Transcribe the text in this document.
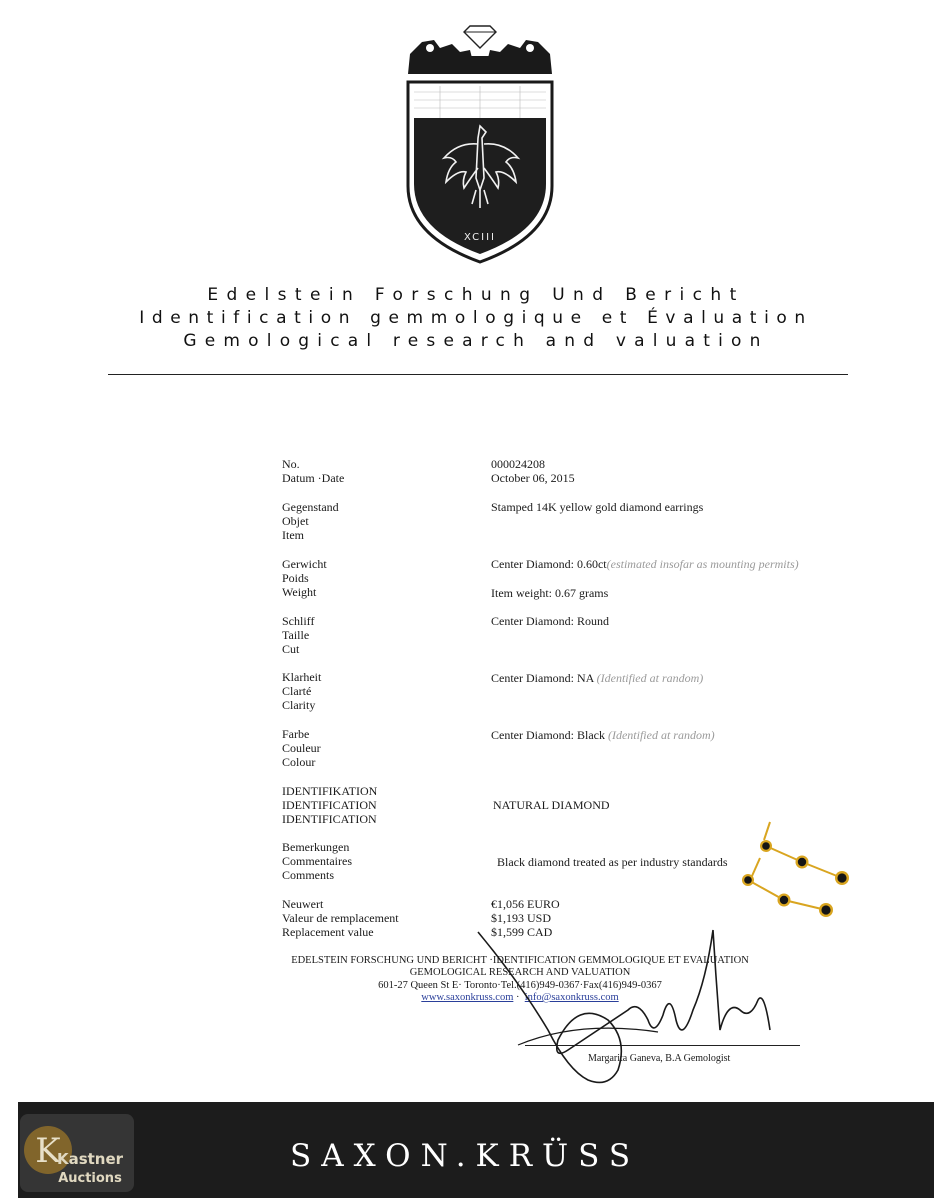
XCIII
Edelstein Forschung Und Bericht
Identification gemmologique et Évaluation
Gemological research and valuation
No.
Datum ·Date
000024208
October 06, 2015
Gegenstand
Objet
Item
Stamped 14K yellow gold diamond earrings
Gerwicht
Poids
Weight
Center Diamond: 0.60ct(estimated insofar as mounting permits)
Item weight: 0.67 grams
Schliff
Taille
Cut
Center Diamond: Round
Klarheit
Clarté
Clarity
Center Diamond: NA (Identified at random)
Farbe
Couleur
Colour
Center Diamond: Black (Identified at random)
IDENTIFIKATION
IDENTIFICATION
IDENTIFICATION
NATURAL DIAMOND
Bemerkungen
Commentaires
Comments
Black diamond treated as per industry standards
Neuwert
Valeur de remplacement
Replacement value
€1,056 EURO
$1,193 USD
$1,599 CAD
EDELSTEIN FORSCHUNG UND BERICHT ·IDENTIFICATION GEMMOLOGIQUE ET EVALUATION
GEMOLOGICAL RESEARCH AND VALUATION
601-27 Queen St E· Toronto·Tel.(416)949-0367·Fax(416)949-0367
www.saxonkruss.com ·  info@saxonkruss.com
Margarita Ganeva, B.A Gemologist
SAXON.KRÜSS
K
Kastner
Auctions
